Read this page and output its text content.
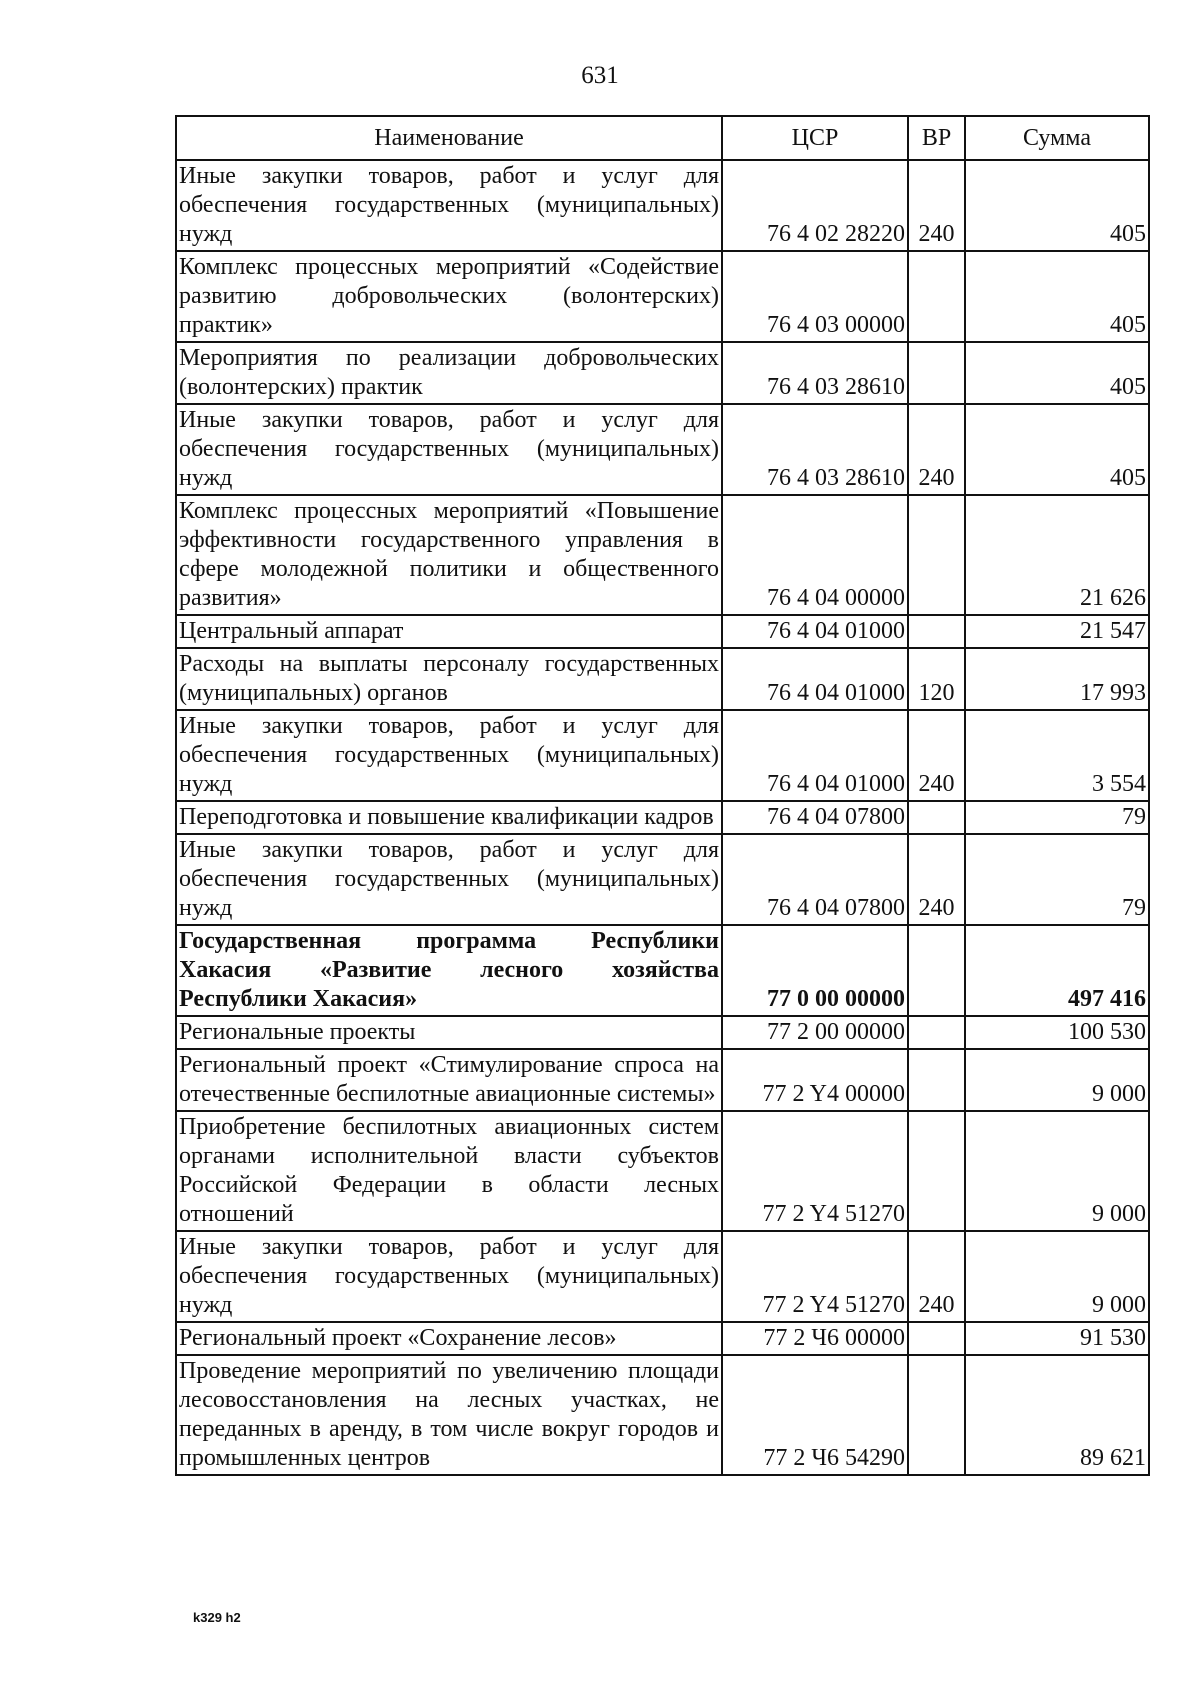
631
Наименование	ЦСР	ВР	Сумма
Иные закупки товаров, работ и услуг для обеспечения государственных (муниципальных) нужд	76 4 02 28220	240	405
Комплекс процессных мероприятий «Содействие развитию добровольческих (волонтерских) практик»	76 4 03 00000		405
Мероприятия по реализации добровольческих (волонтерских) практик	76 4 03 28610		405
Иные закупки товаров, работ и услуг для обеспечения государственных (муниципальных) нужд	76 4 03 28610	240	405
Комплекс процессных мероприятий «Повышение эффективности государственного управления в сфере молодежной политики и общественного развития»	76 4 04 00000		21 626
Центральный аппарат	76 4 04 01000		21 547
Расходы на выплаты персоналу государственных (муниципальных) органов	76 4 04 01000	120	17 993
Иные закупки товаров, работ и услуг для обеспечения государственных (муниципальных) нужд	76 4 04 01000	240	3 554
Переподготовка и повышение квалификации кадров	76 4 04 07800		79
Иные закупки товаров, работ и услуг для обеспечения государственных (муниципальных) нужд	76 4 04 07800	240	79
Государственная программа Республики Хакасия «Развитие лесного хозяйства Республики Хакасия»	77 0 00 00000		497 416
Региональные проекты	77 2 00 00000		100 530
Региональный проект «Стимулирование спроса на отечественные беспилотные авиационные системы»	77 2 Y4 00000		9 000
Приобретение беспилотных авиационных систем органами исполнительной власти субъектов Российской Федерации в области лесных отношений	77 2 Y4 51270		9 000
Иные закупки товаров, работ и услуг для обеспечения государственных (муниципальных) нужд	77 2 Y4 51270	240	9 000
Региональный проект «Сохранение лесов»	77 2 Ч6 00000		91 530
Проведение мероприятий по увеличению площади лесовосстановления на лесных участках, не переданных в аренду, в том числе вокруг городов и промышленных центров	77 2 Ч6 54290		89 621
k329 h2
